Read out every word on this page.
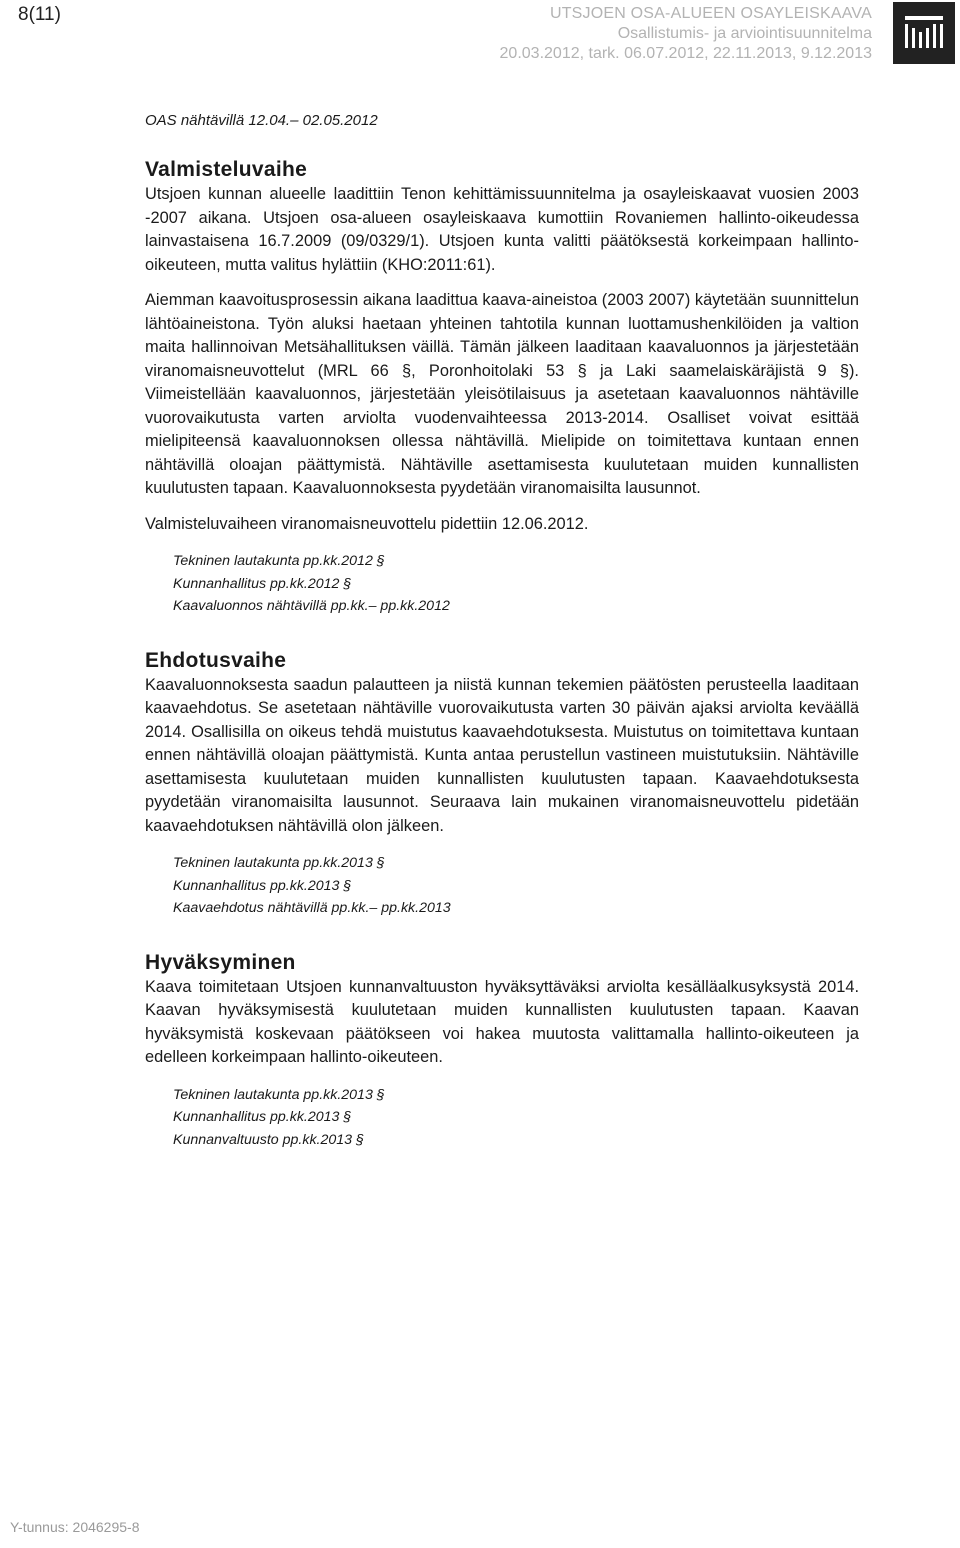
8(11)	UTSJOEN OSA-ALUEEN OSAYLEISKAAVA
Osallistumis- ja arviointisuunnitelma
20.03.2012, tark. 06.07.2012, 22.11.2013, 9.12.2013
OAS nähtävillä 12.04.– 02.05.2012
Valmisteluvaihe

Utsjoen kunnan alueelle laadittiin Tenon kehittämissuunnitelma ja osayleiskaavat vuosien 2003 -2007 aikana. Utsjoen osa-alueen osayleiskaava kumottiin Rovaniemen hallinto-oikeudessa lainvastaisena 16.7.2009 (09/0329/1). Utsjoen kunta valitti päätöksestä korkeimpaan hallinto-oikeuteen, mutta valitus hylättiin (KHO:2011:61).

Aiemman kaavoitusprosessin aikana laadittua kaava-aineistoa (2003 2007) käytetään suunnittelun lähtöaineistona. Työn aluksi haetaan yhteinen tahtotila kunnan luottamushenkilöiden ja valtion maita hallinnoivan Metsähallituksen väillä. Tämän jälkeen laaditaan kaavaluonnos ja järjestetään viranomaisneuvottelut (MRL 66 §, Poronhoitolaki 53 § ja Laki saamelaiskäräjistä 9 §). Viimeistellään kaavaluonnos, järjestetään yleisötilaisuus ja asetetaan kaavaluonnos nähtäville vuorovaikutusta varten arviolta vuodenvaihteessa 2013-2014. Osalliset voivat esittää mielipiteensä kaavaluonnoksen ollessa nähtävillä. Mielipide on toimitettava kuntaan ennen nähtävillä oloajan päättymistä. Nähtäville asettamisesta kuulutetaan muiden kunnallisten kuulutusten tapaan. Kaavaluonnoksesta pyydetään viranomaisilta lausunnot.

Valmisteluvaiheen viranomaisneuvottelu pidettiin 12.06.2012.

Tekninen lautakunta pp.kk.2012 §
Kunnanhallitus pp.kk.2012 §
Kaavaluonnos nähtävillä pp.kk.– pp.kk.2012
Ehdotusvaihe

Kaavaluonnoksesta saadun palautteen ja niistä kunnan tekemien päätösten perusteella laaditaan kaavaehdotus. Se asetetaan nähtäville vuorovaikutusta varten 30 päivän ajaksi arviolta keväällä 2014. Osallisilla on oikeus tehdä muistutus kaavaehdotuksesta. Muistutus on toimitettava kuntaan ennen nähtävillä oloajan päättymistä. Kunta antaa perustellun vastineen muistutuksiin. Nähtäville asettamisesta kuulutetaan muiden kunnallisten kuulutusten tapaan. Kaavaehdotuksesta pyydetään viranomaisilta lausunnot. Seuraava lain mukainen viranomaisneuvottelu pidetään kaavaehdotuksen nähtävillä olon jälkeen.

Tekninen lautakunta pp.kk.2013 §
Kunnanhallitus pp.kk.2013 §
Kaavaehdotus nähtävillä pp.kk.– pp.kk.2013
Hyväksyminen

Kaava toimitetaan Utsjoen kunnanvaltuuston hyväksyttäväksi arviolta kesälläalkusyksystä 2014. Kaavan hyväksymisestä kuulutetaan muiden kunnallisten kuulutusten tapaan. Kaavan hyväksymistä koskevaan päätökseen voi hakea muutosta valittamalla hallinto-oikeuteen ja edelleen korkeimpaan hallinto-oikeuteen.

Tekninen lautakunta pp.kk.2013 §
Kunnanhallitus pp.kk.2013 §
Kunnanvaltuusto pp.kk.2013 §
Y-tunnus: 2046295-8
